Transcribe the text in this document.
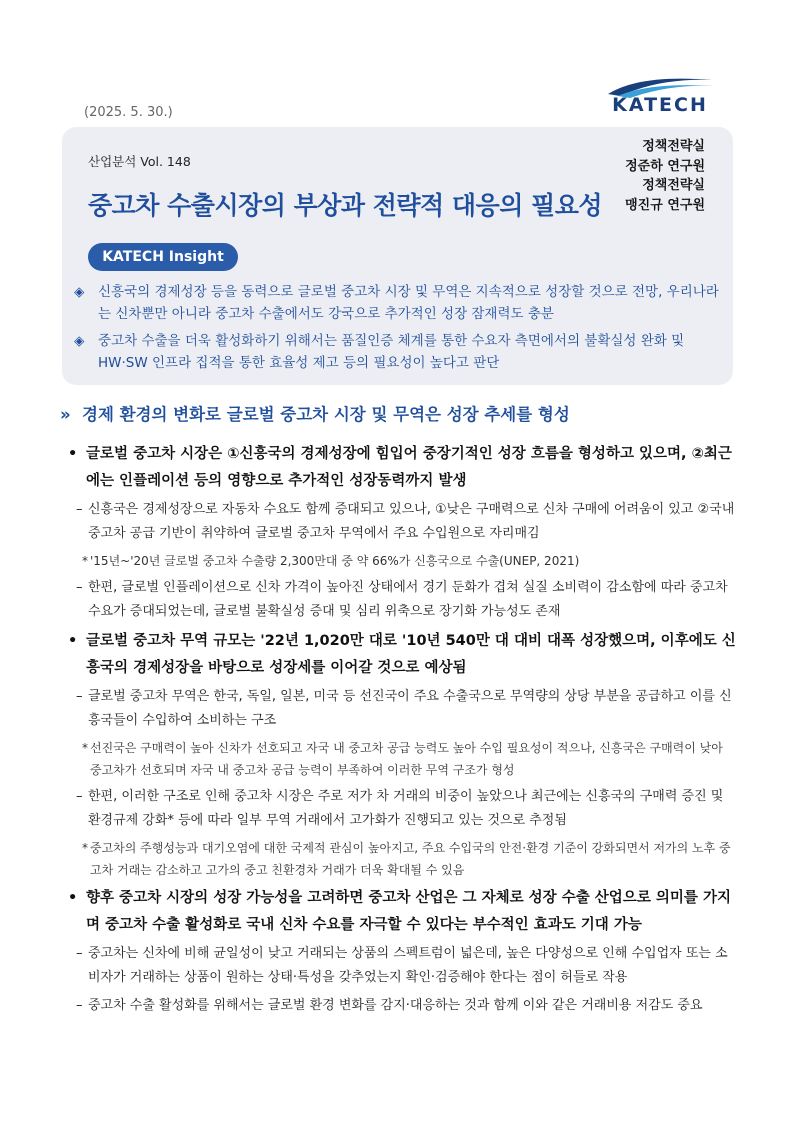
(2025. 5. 30.)	KATECH
산업분석 Vol. 148
중고차 수출시장의 부상과 전략적 대응의 필요성
정책전략실
정준하 연구원
정책전략실
맹진규 연구원
KATECH Insight
◈	신흥국의 경제성장 등을 동력으로 글로벌 중고차 시장 및 무역은 지속적으로 성장할 것으로 전망, 우리나라는 신차뿐만 아니라 중고차 수출에서도 강국으로 추가적인 성장 잠재력도 충분
◈	중고차 수출을 더욱 활성화하기 위해서는 품질인증 체계를 통한 수요자 측면에서의 불확실성 완화 및 HW·SW 인프라 집적을 통한 효율성 제고 등의 필요성이 높다고 판단
» 경제 환경의 변화로 글로벌 중고차 시장 및 무역은 성장 추세를 형성
• 글로벌 중고차 시장은 ①신흥국의 경제성장에 힘입어 중장기적인 성장 흐름을 형성하고 있으며, ②최근에는 인플레이션 등의 영향으로 추가적인 성장동력까지 발생
– 신흥국은 경제성장으로 자동차 수요도 함께 증대되고 있으나, ①낮은 구매력으로 신차 구매에 어려움이 있고 ②국내 중고차 공급 기반이 취약하여 글로벌 중고차 무역에서 주요 수입원으로 자리매김
* '15년~'20년 글로벌 중고차 수출량 2,300만대 중 약 66%가 신흥국으로 수출(UNEP, 2021)
– 한편, 글로벌 인플레이션으로 신차 가격이 높아진 상태에서 경기 둔화가 겹쳐 실질 소비력이 감소함에 따라 중고차 수요가 증대되었는데, 글로벌 불확실성 증대 및 심리 위축으로 장기화 가능성도 존재
• 글로벌 중고차 무역 규모는 '22년 1,020만 대로 '10년 540만 대 대비 대폭 성장했으며, 이후에도 신흥국의 경제성장을 바탕으로 성장세를 이어갈 것으로 예상됨
– 글로벌 중고차 무역은 한국, 독일, 일본, 미국 등 선진국이 주요 수출국으로 무역량의 상당 부분을 공급하고 이를 신흥국들이 수입하여 소비하는 구조
* 선진국은 구매력이 높아 신차가 선호되고 자국 내 중고차 공급 능력도 높아 수입 필요성이 적으나, 신흥국은 구매력이 낮아 중고차가 선호되며 자국 내 중고차 공급 능력이 부족하여 이러한 무역 구조가 형성
– 한편, 이러한 구조로 인해 중고차 시장은 주로 저가 차 거래의 비중이 높았으나 최근에는 신흥국의 구매력 증진 및 환경규제 강화* 등에 따라 일부 무역 거래에서 고가화가 진행되고 있는 것으로 추정됨
* 중고차의 주행성능과 대기오염에 대한 국제적 관심이 높아지고, 주요 수입국의 안전·환경 기준이 강화되면서 저가의 노후 중고차 거래는 감소하고 고가의 중고 친환경차 거래가 더욱 확대될 수 있음
• 향후 중고차 시장의 성장 가능성을 고려하면 중고차 산업은 그 자체로 성장 수출 산업으로 의미를 가지며 중고차 수출 활성화로 국내 신차 수요를 자극할 수 있다는 부수적인 효과도 기대 가능
– 중고차는 신차에 비해 균일성이 낮고 거래되는 상품의 스펙트럼이 넓은데, 높은 다양성으로 인해 수입업자 또는 소비자가 거래하는 상품이 원하는 상태·특성을 갖추었는지 확인·검증해야 한다는 점이 허들로 작용
– 중고차 수출 활성화를 위해서는 글로벌 환경 변화를 감지·대응하는 것과 함께 이와 같은 거래비용 저감도 중요
